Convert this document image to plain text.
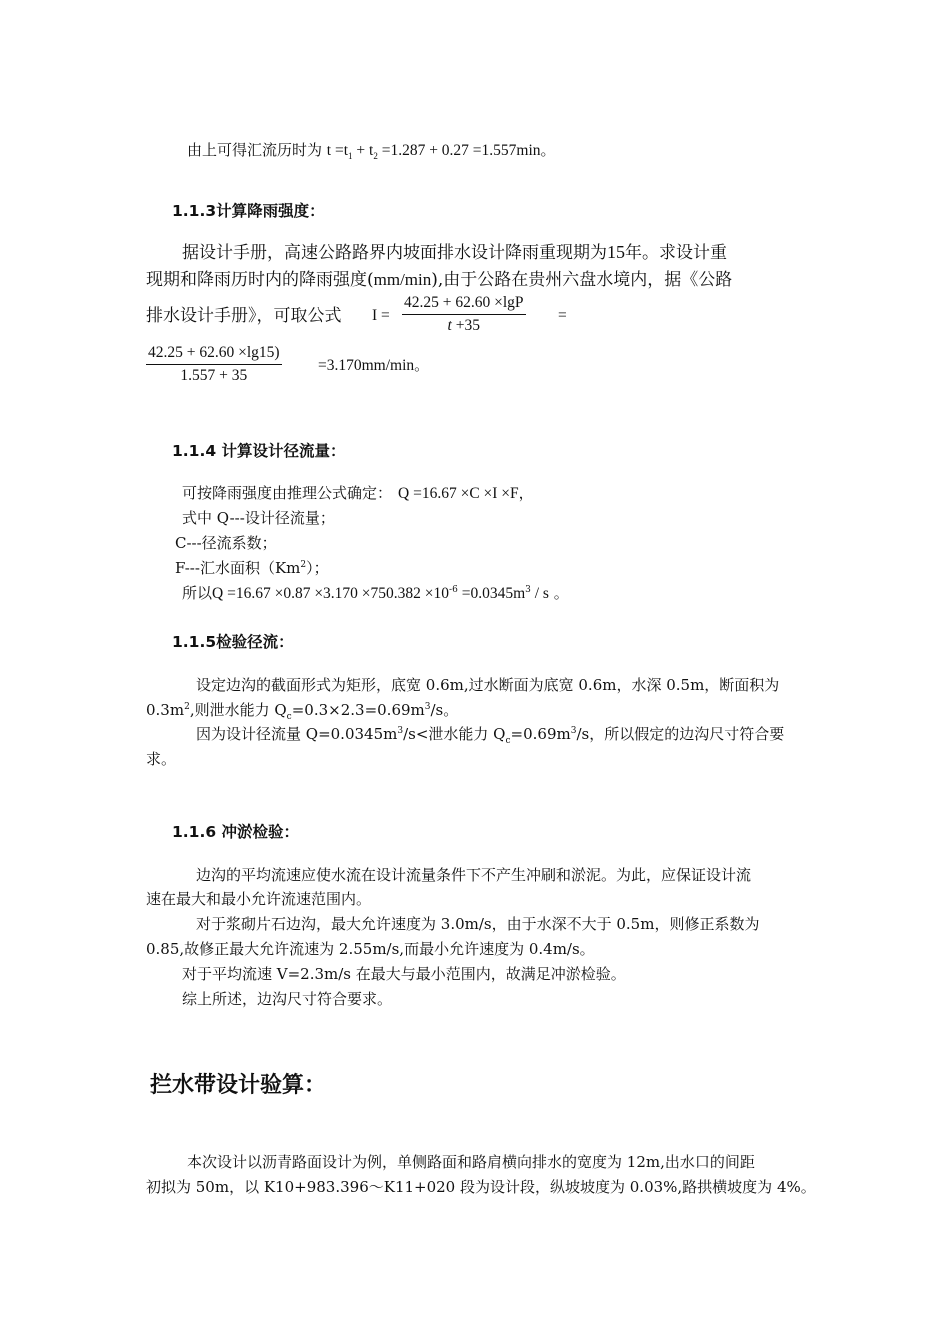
由上可得汇流历时为 $t =t_1 + t_2 =1.287 + 0.27 =1.557\min$。
1.1.3计算降雨强度：
据设计手册，高速公路路界内坡面排水设计降雨重现期为15年。求设计重
现期和降雨历时内的降雨强度(mm/min),由于公路在贵州六盘水境内，据《公路
排水设计手册》，可取公式 $I = \frac{42.25 + 62.60 \times\lg P}{t +35}$ =
$\frac{42.25 + 62.60 \times\lg 15)}{1.557 + 35} =3.170mm/\min$。
1.1.4 计算设计径流量：
可按降雨强度由推理公式确定： Q =16.67 ×C ×I ×F，
式中 Q---设计径流量；
C---径流系数；
F---汇水面积（Km$^2$）；
所以$Q =16.67 \times 0.87 \times 3.170 \times 750.382 \times 10^{-6} =0.0345m^3 / s$ 。
1.1.5检验径流：
设定边沟的截面形式为矩形，底宽 0.6m,过水断面为底宽 0.6m，水深 0.5m，断面积为
$0.3m^2$,则泄水能力 $Q_c=0.3\times 2.3=0.69m^3/s$。
因为设计径流量 $Q=0.0345m^3/s<$泄水能力 $Q_c=0.69m^3/s$，所以假定的边沟尺寸符合要
求。
1.1.6 冲淤检验：
边沟的平均流速应使水流在设计流量条件下不产生冲刷和淤泥。为此，应保证设计流
速在最大和最小允许流速范围内。
对于浆砌片石边沟，最大允许速度为 3.0m/s，由于水深不大于 0.5m，则修正系数为
0.85,故修正最大允许流速为 2.55m/s,而最小允许速度为 0.4m/s。
对于平均流速 V=2.3m/s 在最大与最小范围内，故满足冲淤检验。
综上所述，边沟尺寸符合要求。
拦水带设计验算：
本次设计以沥青路面设计为例，单侧路面和路肩横向排水的宽度为 12m,出水口的间距
初拟为 50m，以 K10+983.396～K11+020 段为设计段，纵坡坡度为 0.03%,路拱横坡度为 4%。
